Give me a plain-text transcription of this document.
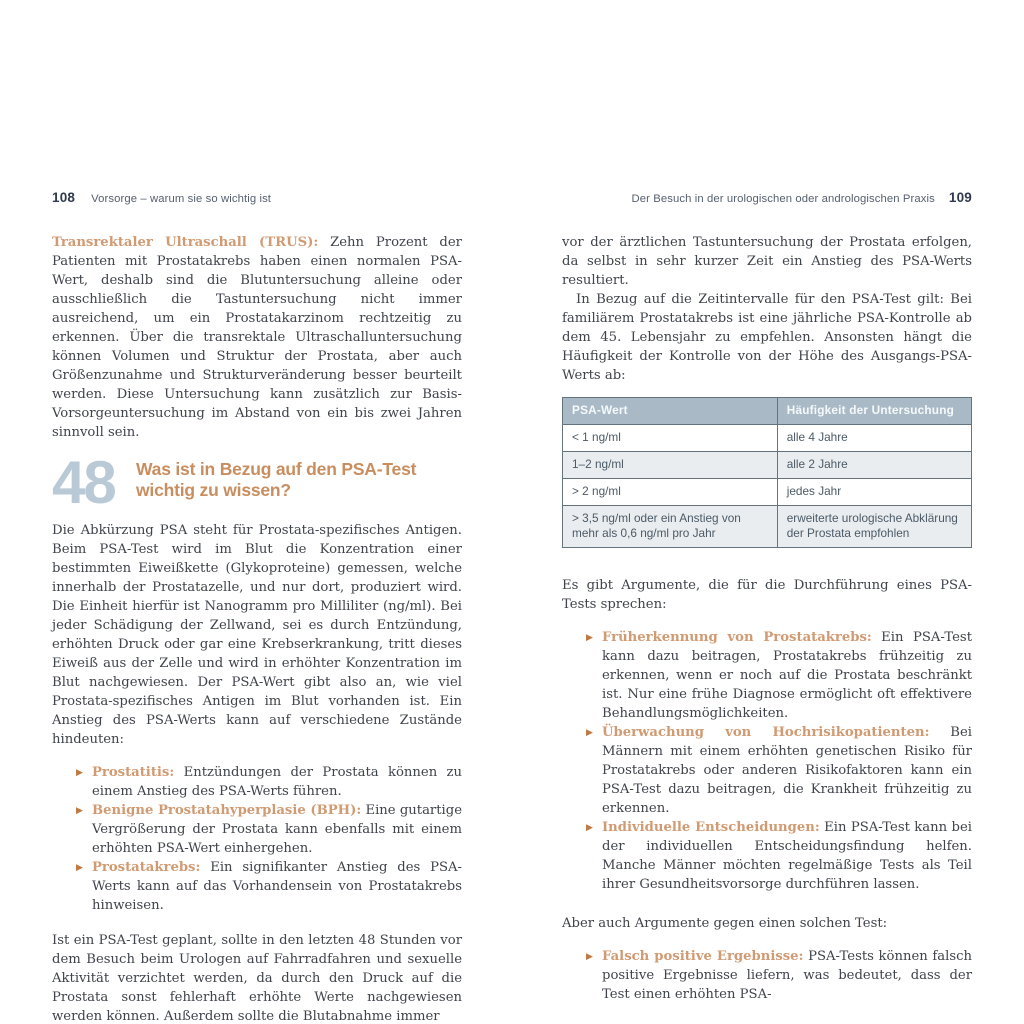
108 Vorsorge – warum sie so wichtig ist	Der Besuch in der urologischen oder andrologischen Praxis 109

Transrektaler Ultraschall (TRUS): Zehn Prozent der Patienten mit Prostatakrebs haben einen normalen PSA-Wert, deshalb sind die Blutuntersuchung alleine oder ausschließlich die Tastuntersuchung nicht immer ausreichend, um ein Prostatakarzinom rechtzeitig zu erkennen. Über die transrektale Ultraschalluntersuchung können Volumen und Struktur der Prostata, aber auch Größenzunahme und Strukturveränderung besser beurteilt werden. Diese Untersuchung kann zusätzlich zur Basis-Vorsorgeuntersuchung im Abstand von ein bis zwei Jahren sinnvoll sein.

48	Was ist in Bezug auf den PSA-Test wichtig zu wissen?

Die Abkürzung PSA steht für Prostata-spezifisches Antigen. Beim PSA-Test wird im Blut die Konzentration einer bestimmten Eiweißkette (Glykoproteine) gemessen, welche innerhalb der Prostatazelle, und nur dort, produziert wird. Die Einheit hierfür ist Nanogramm pro Milliliter (ng/ml). Bei jeder Schädigung der Zellwand, sei es durch Entzündung, erhöhten Druck oder gar eine Krebserkrankung, tritt dieses Eiweiß aus der Zelle und wird in erhöhter Konzentration im Blut nachgewiesen. Der PSA-Wert gibt also an, wie viel Prostata-spezifisches Antigen im Blut vorhanden ist. Ein Anstieg des PSA-Werts kann auf verschiedene Zustände hindeuten:

▶ Prostatitis: Entzündungen der Prostata können zu einem Anstieg des PSA-Werts führen.
▶ Benigne Prostatahyperplasie (BPH): Eine gutartige Vergrößerung der Prostata kann ebenfalls mit einem erhöhten PSA-Wert einhergehen.
▶ Prostatakrebs: Ein signifikanter Anstieg des PSA-Werts kann auf das Vorhandensein von Prostatakrebs hinweisen.

Ist ein PSA-Test geplant, sollte in den letzten 48 Stunden vor dem Besuch beim Urologen auf Fahrradfahren und sexuelle Aktivität verzichtet werden, da durch den Druck auf die Prostata sonst fehlerhaft erhöhte Werte nachgewiesen werden können. Außerdem sollte die Blutabnahme immer

vor der ärztlichen Tastuntersuchung der Prostata erfolgen, da selbst in sehr kurzer Zeit ein Anstieg des PSA-Werts resultiert.

In Bezug auf die Zeitintervalle für den PSA-Test gilt: Bei familiärem Prostatakrebs ist eine jährliche PSA-Kontrolle ab dem 45. Lebensjahr zu empfehlen. Ansonsten hängt die Häufigkeit der Kontrolle von der Höhe des Ausgangs-PSA-Werts ab:

PSA-Wert	Häufigkeit der Untersuchung
< 1 ng/ml	alle 4 Jahre
1–2 ng/ml	alle 2 Jahre
> 2 ng/ml	jedes Jahr
> 3,5 ng/ml oder ein Anstieg von mehr als 0,6 ng/ml pro Jahr	erweiterte urologische Abklärung der Prostata empfohlen

Es gibt Argumente, die für die Durchführung eines PSA-Tests sprechen:

▶ Früherkennung von Prostatakrebs: Ein PSA-Test kann dazu beitragen, Prostatakrebs frühzeitig zu erkennen, wenn er noch auf die Prostata beschränkt ist. Nur eine frühe Diagnose ermöglicht oft effektivere Behandlungsmöglichkeiten.
▶ Überwachung von Hochrisikopatienten: Bei Männern mit einem erhöhten genetischen Risiko für Prostatakrebs oder anderen Risikofaktoren kann ein PSA-Test dazu beitragen, die Krankheit frühzeitig zu erkennen.
▶ Individuelle Entscheidungen: Ein PSA-Test kann bei der individuellen Entscheidungsfindung helfen. Manche Männer möchten regelmäßige Tests als Teil ihrer Gesundheitsvorsorge durchführen lassen.

Aber auch Argumente gegen einen solchen Test:

▶ Falsch positive Ergebnisse: PSA-Tests können falsch positive Ergebnisse liefern, was bedeutet, dass der Test einen erhöhten PSA-
